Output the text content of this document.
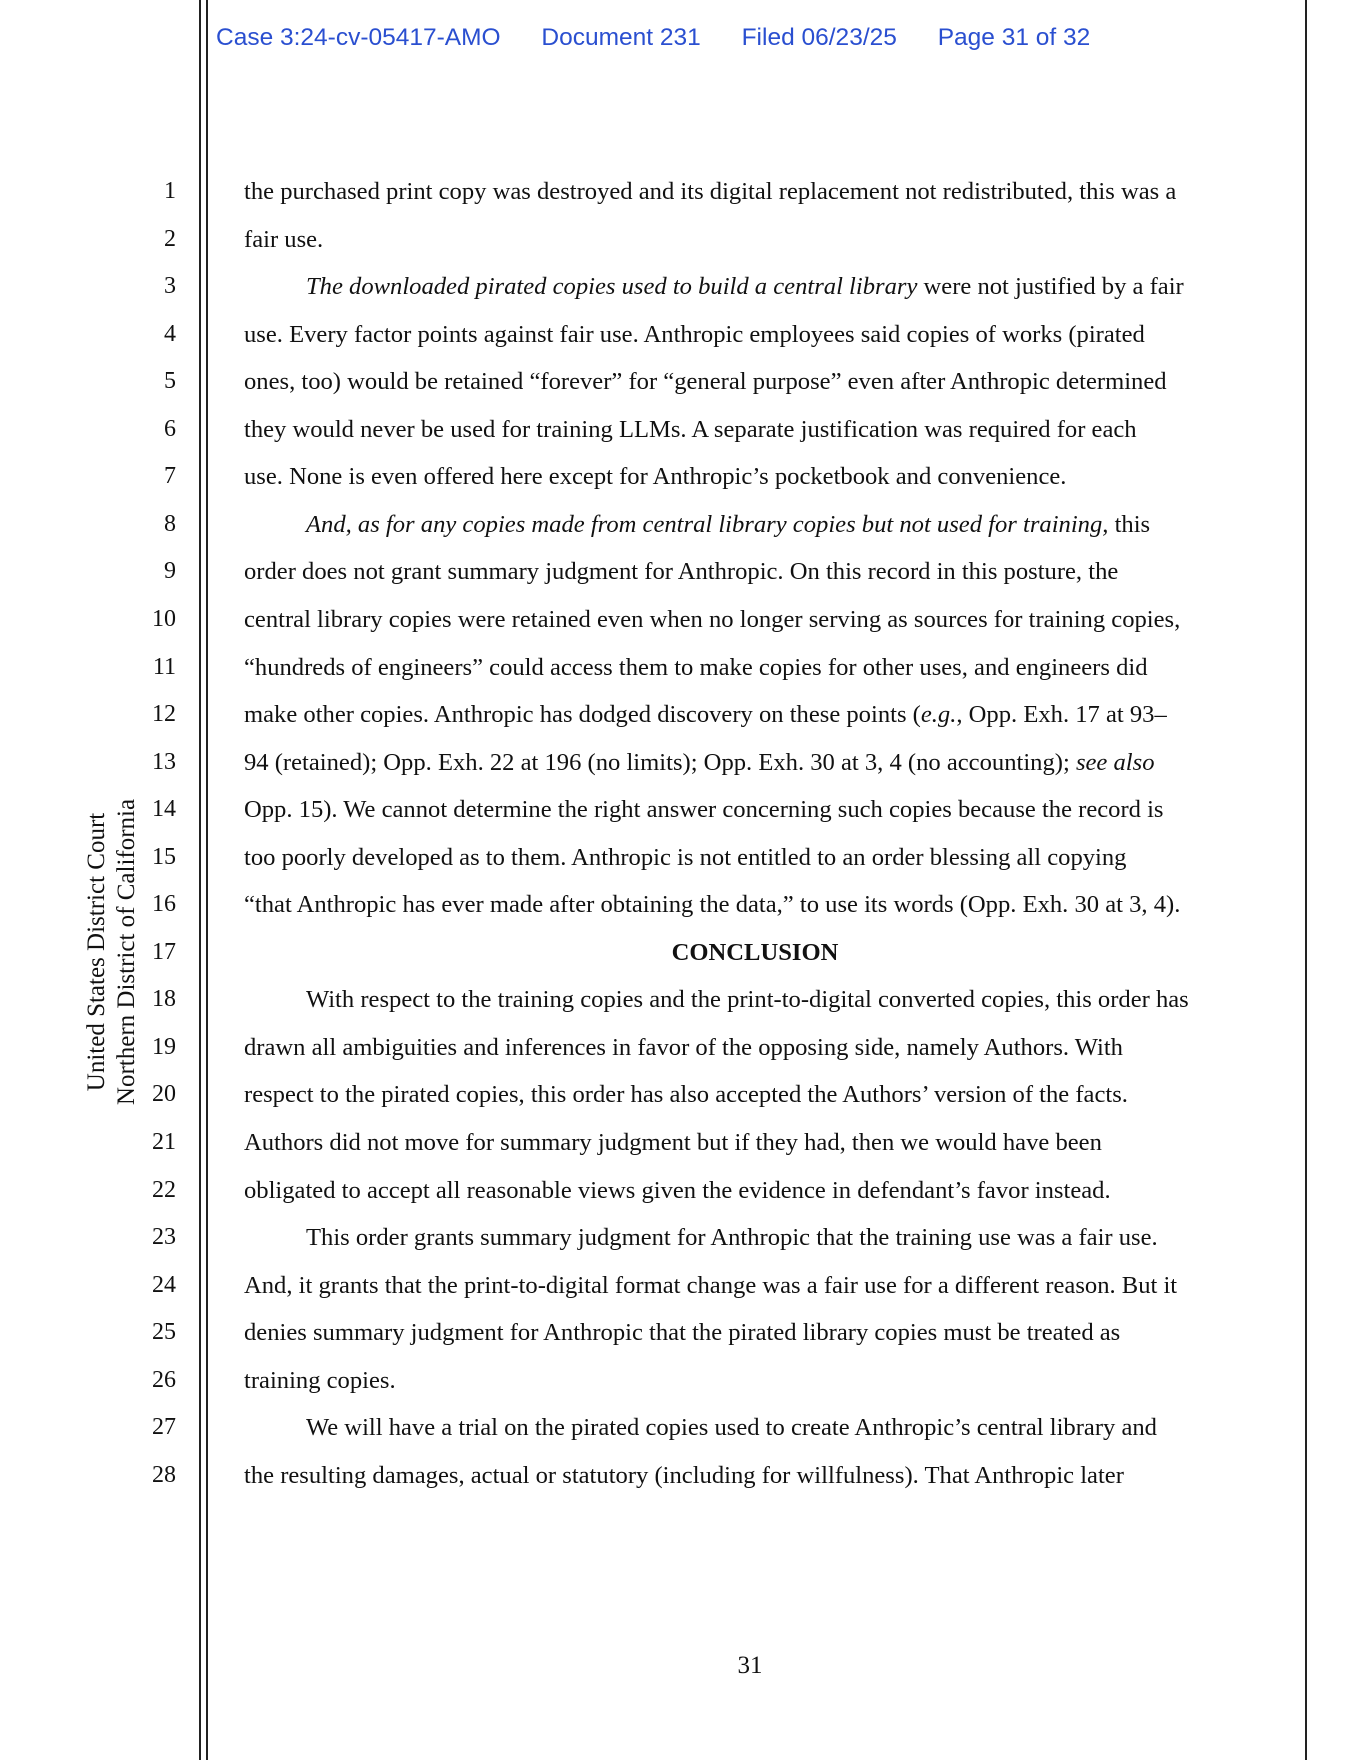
Case 3:24-cv-05417-AMO Document 231 Filed 06/23/25 Page 31 of 32
United States District Court Northern District of California
1
2
3
4
5
6
7
8
9
10
11
12
13
14
15
16
17
18
19
20
21
22
23
24
25
26
27
28
the purchased print copy was destroyed and its digital replacement not redistributed, this was a
fair use.
The downloaded pirated copies used to build a central library were not justified by a fair
use. Every factor points against fair use. Anthropic employees said copies of works (pirated
ones, too) would be retained “forever” for “general purpose” even after Anthropic determined
they would never be used for training LLMs. A separate justification was required for each
use. None is even offered here except for Anthropic’s pocketbook and convenience.
And, as for any copies made from central library copies but not used for training, this
order does not grant summary judgment for Anthropic. On this record in this posture, the
central library copies were retained even when no longer serving as sources for training copies,
“hundreds of engineers” could access them to make copies for other uses, and engineers did
make other copies. Anthropic has dodged discovery on these points (e.g., Opp. Exh. 17 at 93–
94 (retained); Opp. Exh. 22 at 196 (no limits); Opp. Exh. 30 at 3, 4 (no accounting); see also
Opp. 15). We cannot determine the right answer concerning such copies because the record is
too poorly developed as to them. Anthropic is not entitled to an order blessing all copying
“that Anthropic has ever made after obtaining the data,” to use its words (Opp. Exh. 30 at 3, 4).
CONCLUSION
With respect to the training copies and the print-to-digital converted copies, this order has
drawn all ambiguities and inferences in favor of the opposing side, namely Authors. With
respect to the pirated copies, this order has also accepted the Authors’ version of the facts.
Authors did not move for summary judgment but if they had, then we would have been
obligated to accept all reasonable views given the evidence in defendant’s favor instead.
This order grants summary judgment for Anthropic that the training use was a fair use.
And, it grants that the print-to-digital format change was a fair use for a different reason. But it
denies summary judgment for Anthropic that the pirated library copies must be treated as
training copies.
We will have a trial on the pirated copies used to create Anthropic’s central library and
the resulting damages, actual or statutory (including for willfulness). That Anthropic later
31
